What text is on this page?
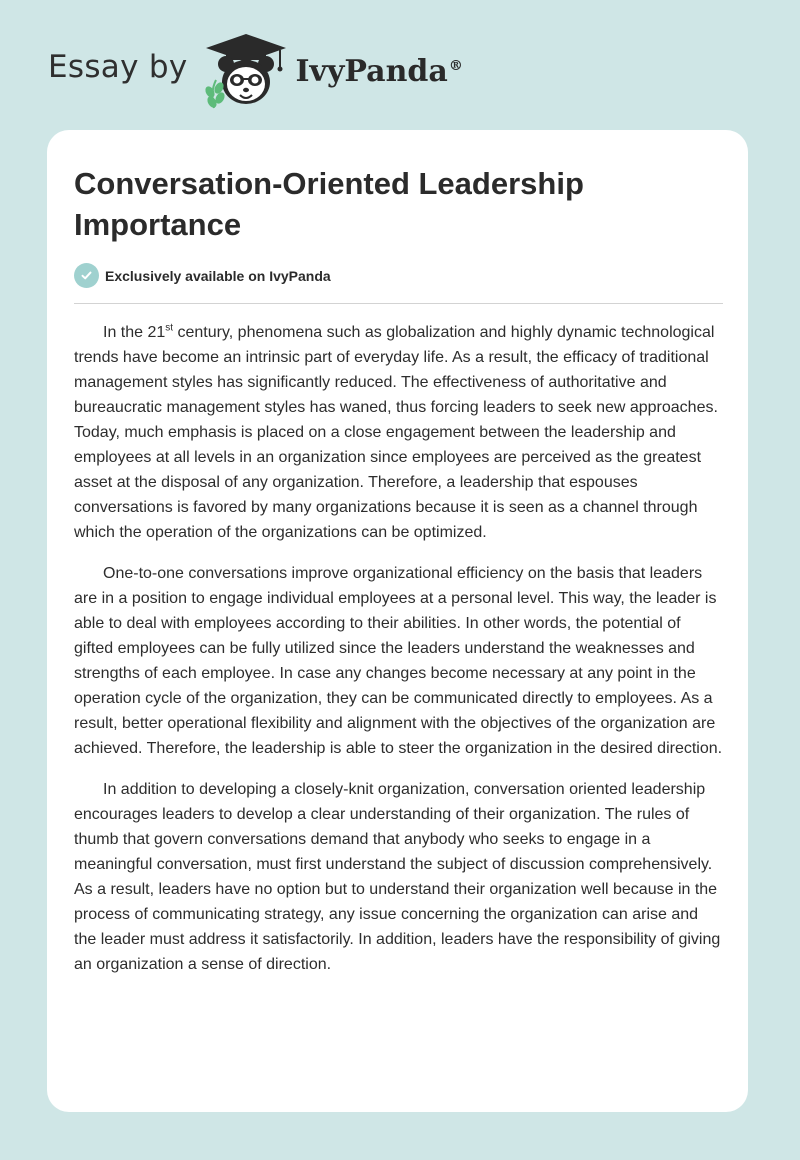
Essay by	IvyPanda®
Conversation-Oriented Leadership Importance
Exclusively available on IvyPanda

In the 21st century, phenomena such as globalization and highly dynamic technological trends have become an intrinsic part of everyday life. As a result, the efficacy of traditional management styles has significantly reduced. The effectiveness of authoritative and bureaucratic management styles has waned, thus forcing leaders to seek new approaches. Today, much emphasis is placed on a close engagement between the leadership and employees at all levels in an organization since employees are perceived as the greatest asset at the disposal of any organization. Therefore, a leadership that espouses conversations is favored by many organizations because it is seen as a channel through which the operation of the organizations can be optimized.

One-to-one conversations improve organizational efficiency on the basis that leaders are in a position to engage individual employees at a personal level. This way, the leader is able to deal with employees according to their abilities. In other words, the potential of gifted employees can be fully utilized since the leaders understand the weaknesses and strengths of each employee. In case any changes become necessary at any point in the operation cycle of the organization, they can be communicated directly to employees. As a result, better operational flexibility and alignment with the objectives of the organization are achieved. Therefore, the leadership is able to steer the organization in the desired direction.

In addition to developing a closely-knit organization, conversation oriented leadership encourages leaders to develop a clear understanding of their organization. The rules of thumb that govern conversations demand that anybody who seeks to engage in a meaningful conversation, must first understand the subject of discussion comprehensively. As a result, leaders have no option but to understand their organization well because in the process of communicating strategy, any issue concerning the organization can arise and the leader must address it satisfactorily. In addition, leaders have the responsibility of giving an organization a sense of direction.
